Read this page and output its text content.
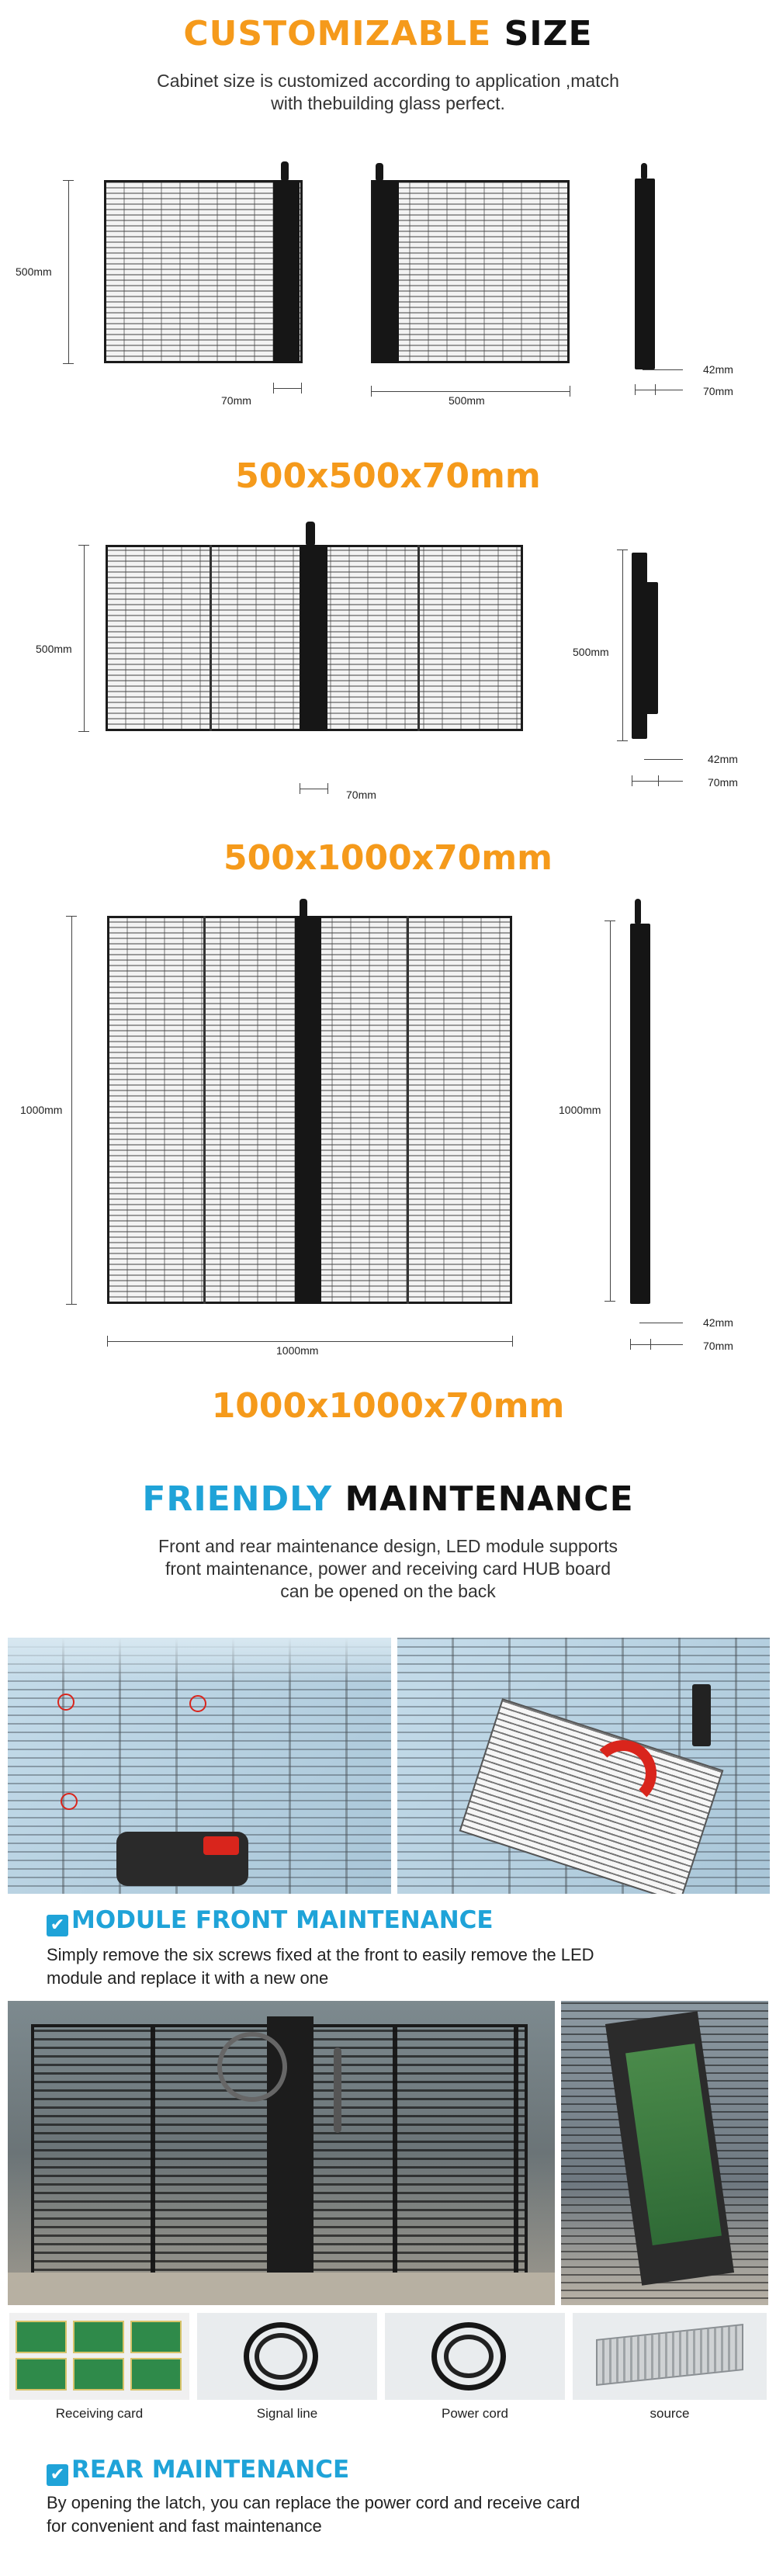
CUSTOMIZABLE SIZE
Cabinet size is customized according to application ,match
with thebuilding glass perfect.
500mm
70mm	500mm
42mm
70mm
500x500x70mm
500mm
70mm
500mm
42mm
70mm
500x1000x70mm
1000mm
1000mm
1000mm
42mm
70mm
1000x1000x70mm
FRIENDLY MAINTENANCE
Front and rear maintenance design, LED module supports
front maintenance, power and receiving card HUB board
can be opened on the back
✔ MODULE FRONT MAINTENANCE
Simply remove the six screws fixed at the front to easily remove the LED
module and replace it with a new one
Receiving card	Signal line	Power cord	source
✔ REAR MAINTENANCE
By opening the latch, you can replace the power cord and receive card
for convenient and fast maintenance
